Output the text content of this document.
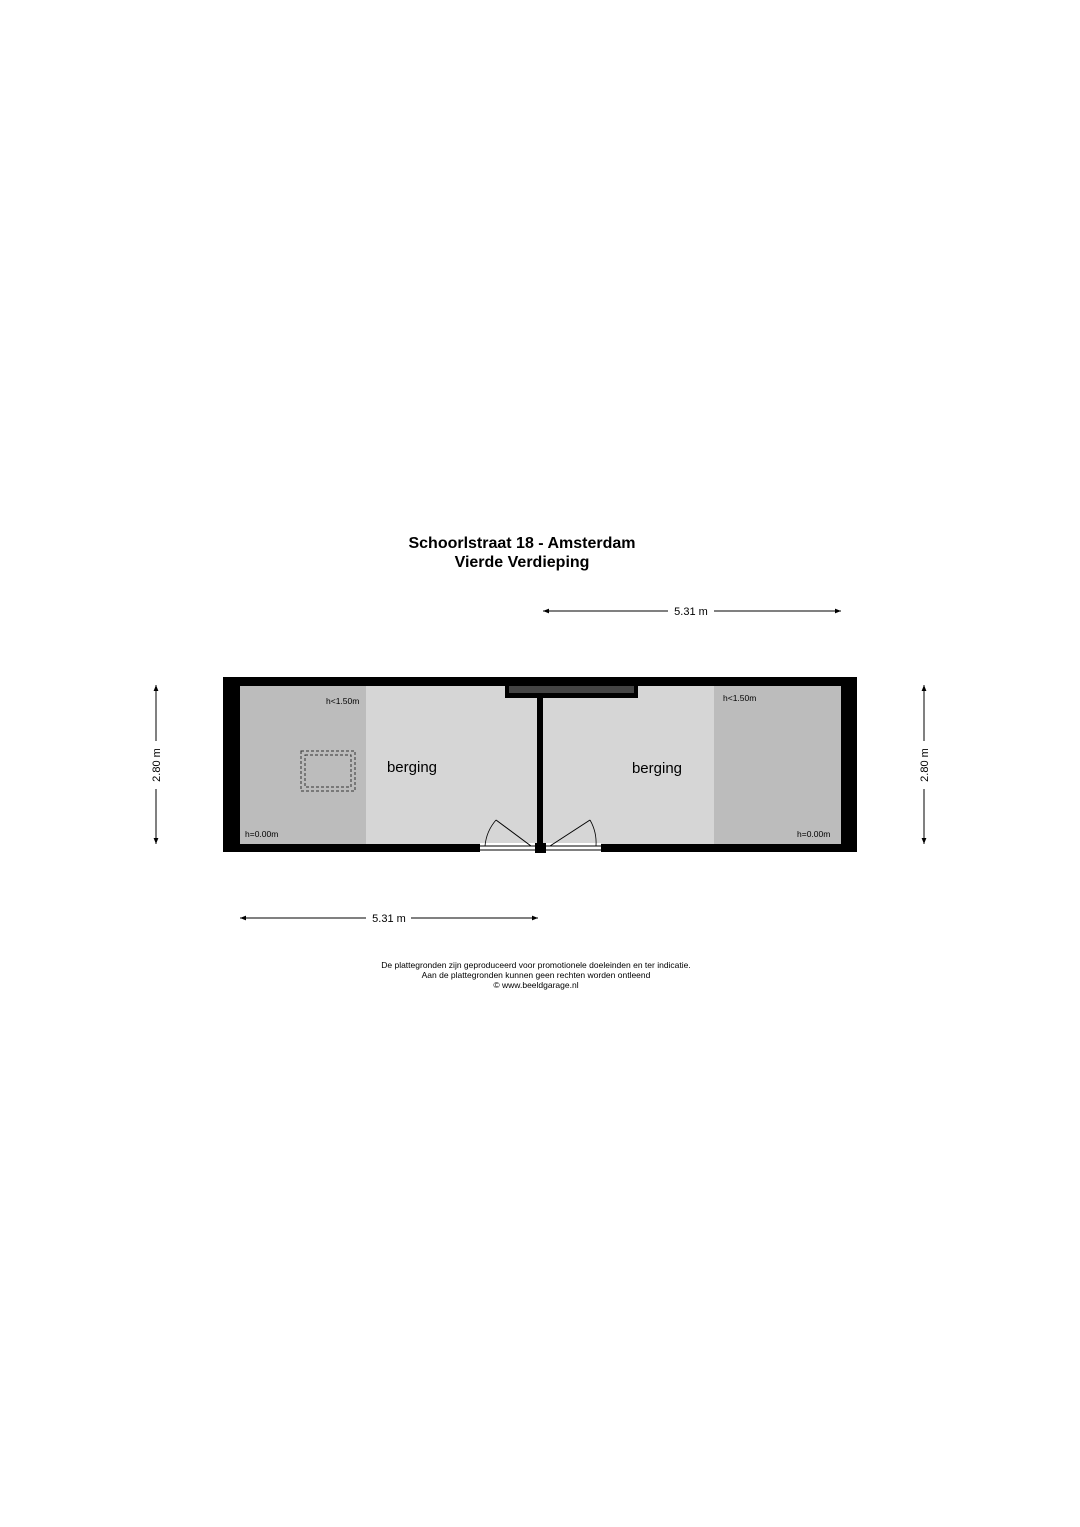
Schoorlstraat 18 - Amsterdam
Vierde Verdieping
berging	berging
h<1.50m	h<1.50m
h=0.00m	h=0.00m
5.31 m
5.31 m
2.80 m	2.80 m
De plattegronden zijn geproduceerd voor promotionele doeleinden en ter indicatie.
Aan de plattegronden kunnen geen rechten worden ontleend
© www.beeldgarage.nl
